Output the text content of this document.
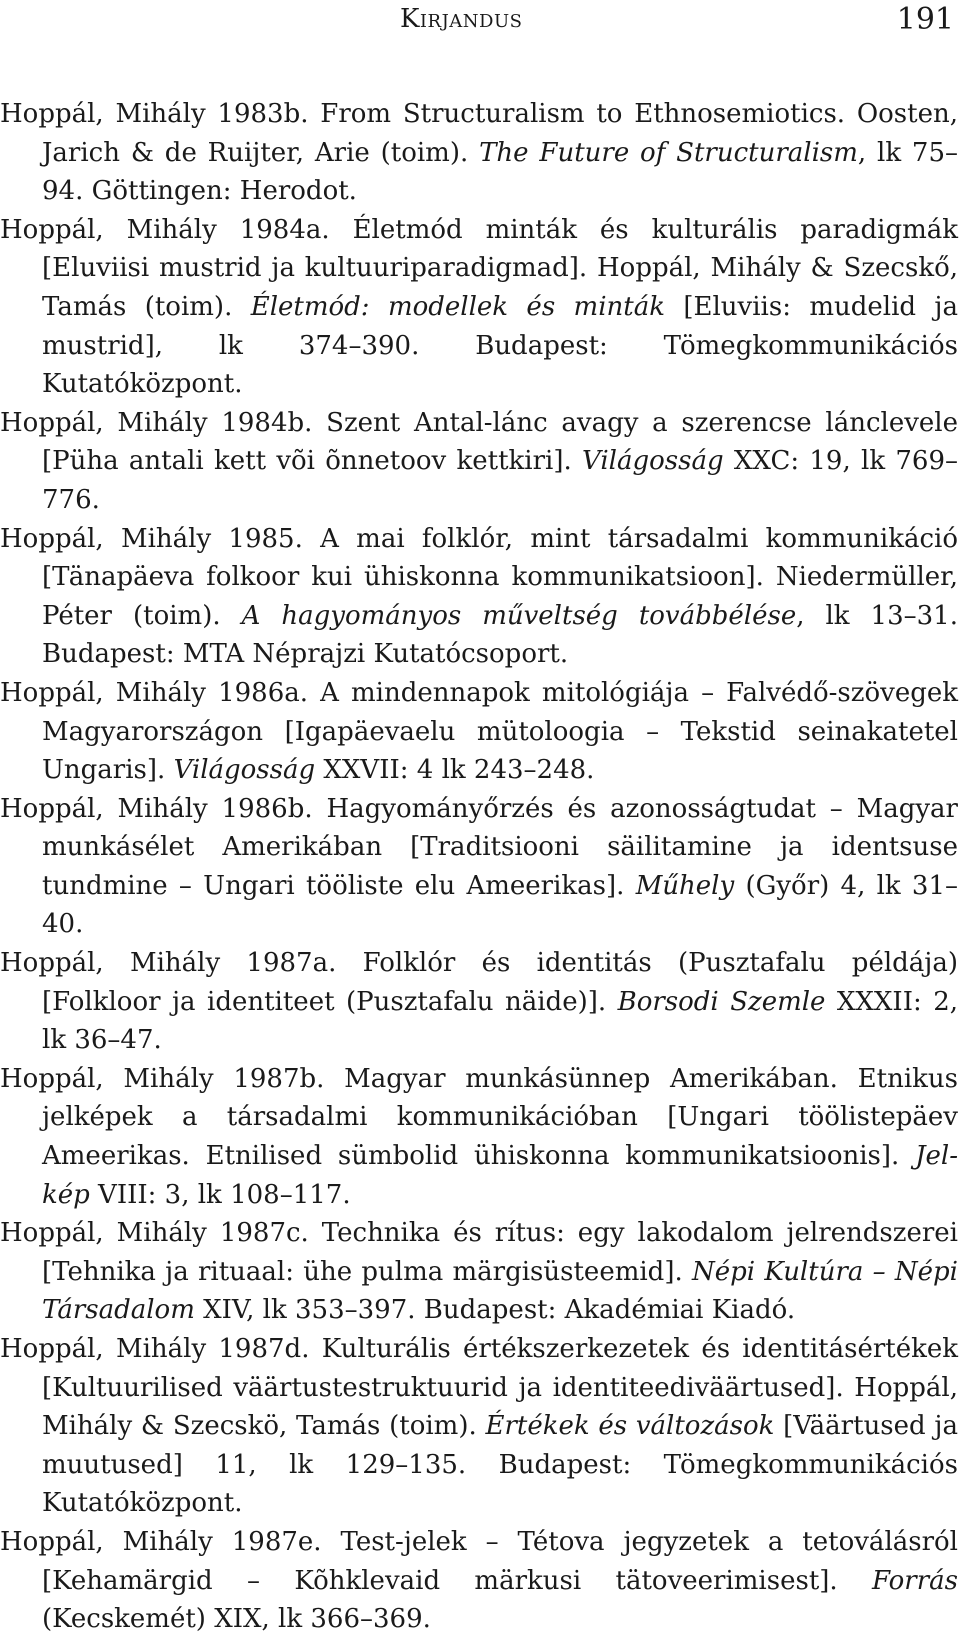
Kirjandus	191

Hoppál, Mihály 1983b. From Structuralism to Ethnosemiotics. Oosten, Jarich & de Ruijter, Arie (toim). The Future of Structuralism, lk 75–94. Göttingen: Herodot.

Hoppál, Mihály 1984a. Életmód minták és kulturális paradigmák [Eluviisi mustrid ja kultuuriparadigmad]. Hoppál, Mihály & Szecskő, Tamás (toim). Életmód: modellek és minták [Eluviis: mudelid ja mustrid], lk 374–390. Budapest: Tömegkommunikációs Kutatóközpont.

Hoppál, Mihály 1984b. Szent Antal-lánc avagy a szerencse lánclevele [Püha antali kett või õnnetoov kettkiri]. Világosság XXC: 19, lk 769–776.

Hoppál, Mihály 1985. A mai folklór, mint társadalmi kommunikáció [Tänapäeva folkoor kui ühiskonna kommunikatsioon]. Niedermüller, Péter (toim). A hagyományos műveltség továbbélése, lk 13–31. Budapest: MTA Néprajzi Kutatócsoport.

Hoppál, Mihály 1986a. A mindennapok mitológiája – Falvédő-szövegek Magyarországon [Igapäevaelu mütoloogia – Tekstid seinakatetel Ungaris]. Világosság XXVII: 4 lk 243–248.

Hoppál, Mihály 1986b. Hagyományőrzés és azonosságtudat – Magyar munkásélet Amerikában [Traditsiooni säilitamine ja identsuse tundmine – Ungari tööliste elu Ameerikas]. Műhely (Győr) 4, lk 31–40.

Hoppál, Mihály 1987a. Folklór és identitás (Pusztafalu példája) [Folkloor ja identiteet (Pusztafalu näide)]. Borsodi Szemle XXXII: 2, lk 36–47.

Hoppál, Mihály 1987b. Magyar munkásünnep Amerikában. Etnikus jelképek a társadalmi kommunikációban [Ungari töölistepäev Ameerikas. Etnilised sümbolid ühiskonna kommunikatsioonis]. Jel-kép VIII: 3, lk 108–117.

Hoppál, Mihály 1987c. Technika és rítus: egy lakodalom jelrendszerei [Tehnika ja rituaal: ühe pulma märgisüsteemid]. Népi Kultúra – Népi Társadalom XIV, lk 353–397. Budapest: Akadémiai Kiadó.

Hoppál, Mihály 1987d. Kulturális értékszerkezetek és identitásértékek [Kultuurilised väärtustestruktuurid ja identiteediväärtused]. Hoppál, Mihály & Szecskö, Tamás (toim). Értékek és változások [Väärtused ja muutused] 11, lk 129–135. Budapest: Tömegkommunikációs Kutatóközpont.

Hoppál, Mihály 1987e. Test-jelek – Tétova jegyzetek a tetoválásról [Kehamärgid – Kõhklevaid märkusi tätoveerimisest]. Forrás (Kecskemét) XIX, lk 366–369.
